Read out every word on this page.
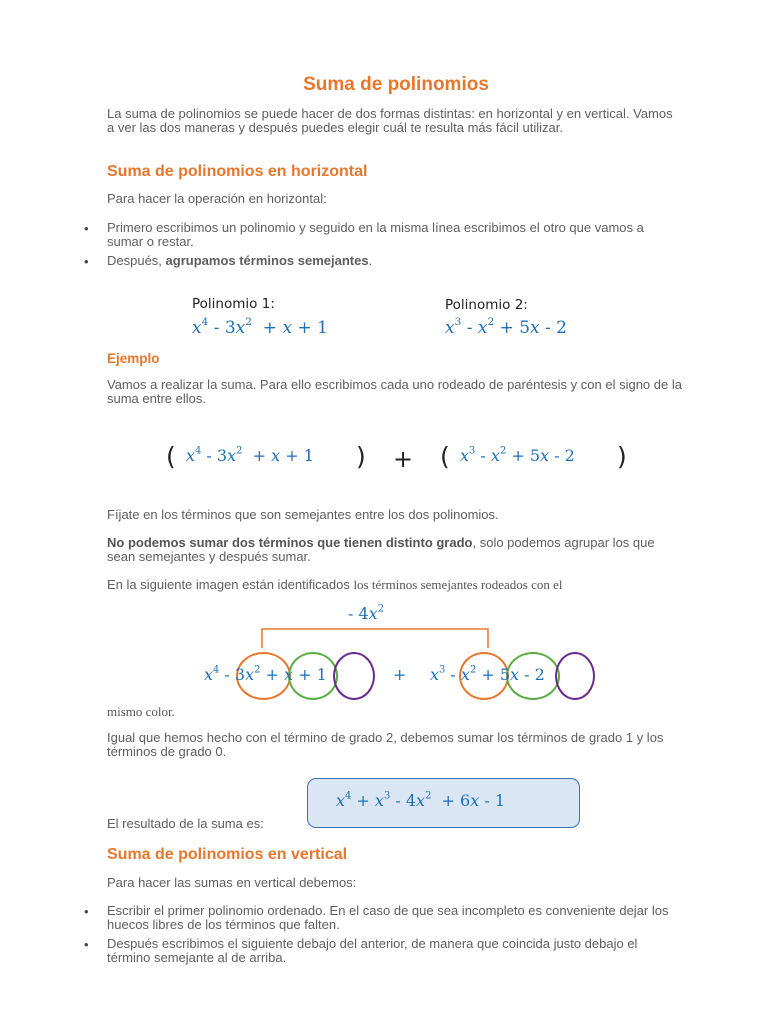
Suma de polinomios
La suma de polinomios se puede hacer de dos formas distintas: en horizontal y en vertical. Vamos a ver las dos maneras y después puedes elegir cuál te resulta más fácil utilizar.
Suma de polinomios en horizontal
Para hacer la operación en horizontal:
• Primero escribimos un polinomio y seguido en la misma línea escribimos el otro que vamos a sumar o restar.
• Después, agrupamos términos semejantes.
Polinomio 1:	Polinomio 2:
$x^4 - 3x^2 + x + 1$	$x^3 - x^2 + 5x - 2$
Ejemplo
Vamos a realizar la suma. Para ello escribimos cada uno rodeado de paréntesis y con el signo de la suma entre ellos.
( $x^4 - 3x^2 + x + 1$ ) + ( $x^3 - x^2 + 5x - 2$ )
Fíjate en los términos que son semejantes entre los dos polinomios.
No podemos sumar dos términos que tienen distinto grado, solo podemos agrupar los que sean semejantes y después sumar.
En la siguiente imagen están identificados los términos semejantes rodeados con el
- $4x^2$
$x^4 - 3x^2 + x + 1$	+ $x^3 - x^2 + 5x - 2$
mismo color.
Igual que hemos hecho con el término de grado 2, debemos sumar los términos de grado 1 y los términos de grado 0.
$x^4 + x^3 - 4x^2 + 6x - 1$
El resultado de la suma es:
Suma de polinomios en vertical
Para hacer las sumas en vertical debemos:
• Escribir el primer polinomio ordenado. En el caso de que sea incompleto es conveniente dejar los huecos libres de los términos que falten.
• Después escribimos el siguiente debajo del anterior, de manera que coincida justo debajo el término semejante al de arriba.
